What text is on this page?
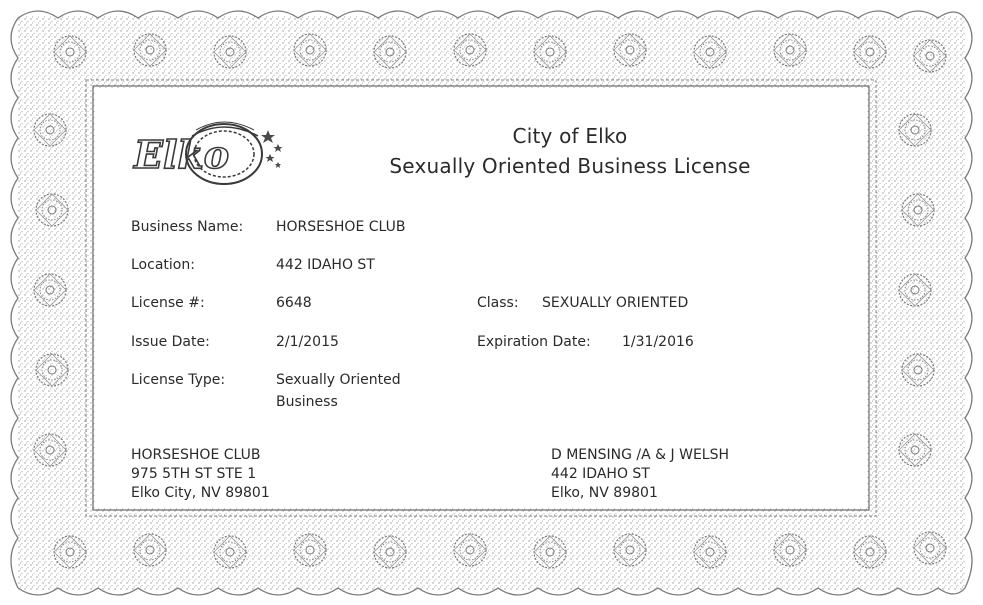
Elko	City of Elko
Sexually Oriented Business License
Business Name: HORSESHOE CLUB
Location:	442 IDAHO ST
License #:	6648	Class: SEXUALLY ORIENTED
Issue Date:	2/1/2015	Expiration Date: 1/31/2016
License Type:	Sexually Oriented
Business
HORSESHOE CLUB
975 5TH ST STE 1
Elko City, NV 89801
D MENSING /A & J WELSH
442 IDAHO ST
Elko, NV 89801
